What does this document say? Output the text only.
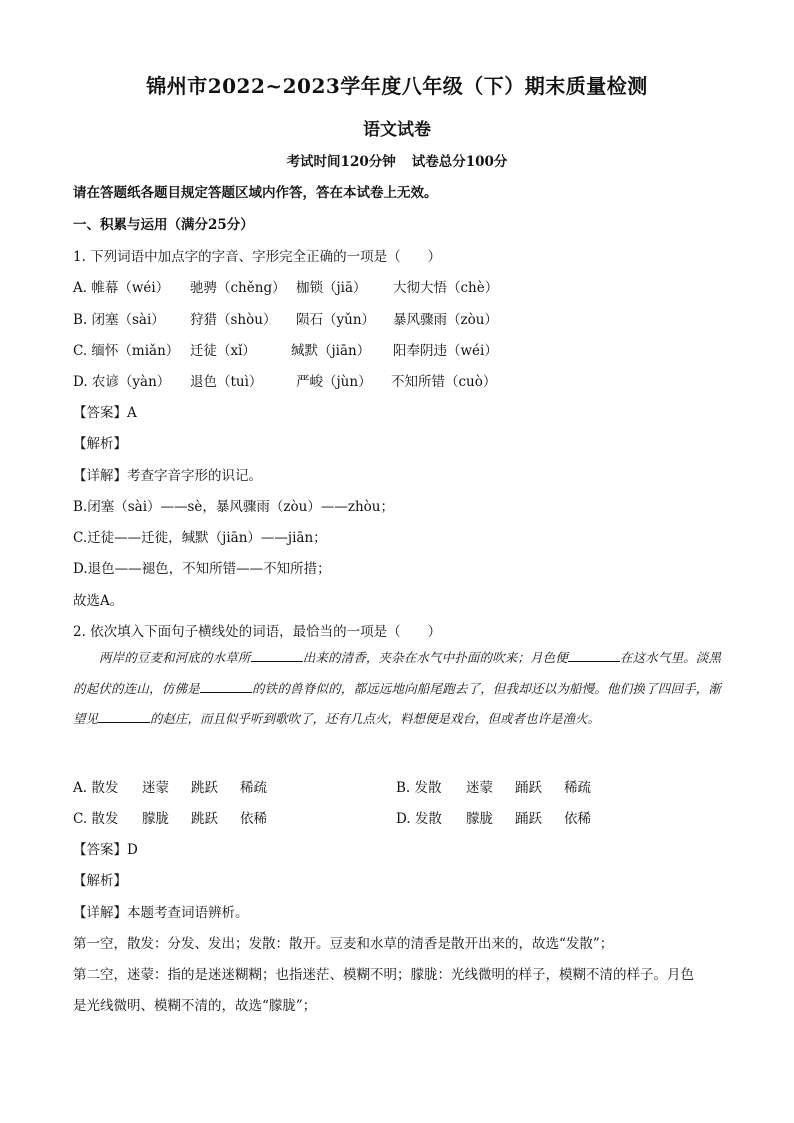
锦州市2022~2023学年度八年级（下）期末质量检测
语文试卷
考试时间120分钟 试卷总分100分
请在答题纸各题目规定答题区域内作答，答在本试卷上无效。
一、积累与运用（满分25分）
1. 下列词语中加点字的字音、字形完全正确的一项是（　　）
A. 帷幕（wéi） 驰骋（chěng） 枷锁（jiā） 大彻大悟（chè）
B. 闭塞（sài） 狩猎（shòu） 陨石（yǔn） 暴风骤雨（zòu）
C. 缅怀（miǎn） 迁徒（xǐ）	缄默（jiān） 阳奉阴违（wéi）
D. 农谚（yàn） 退色（tuì） 严峻（jùn） 不知所错（cuò）
【答案】A
【解析】
【详解】考查字音字形的识记。
B.闭塞（sài）——sè，暴风骤雨（zòu）——zhòu；
C.迁徒——迁徙，缄默（jiān）——jiān；
D.退色——褪色，不知所错——不知所措；
故选A。
2. 依次填入下面句子横线处的词语，最恰当的一项是（　　）
两岸的豆麦和河底的水草所	出来的清香，夹杂在水气中扑面的吹来；月色便	在这水气里。淡黑的起伏的连山，仿佛是	的铁的兽脊似的，都远远地向船尾跑去了，但我却还以为船慢。他们换了四回手，渐望见	的赵庄，而且似乎听到歌吹了，还有几点火，料想便是戏台，但或者也许是渔火。
A. 散发 迷蒙 跳跃 稀疏	B. 发散 迷蒙 踊跃 稀疏
C. 散发 朦胧 跳跃 依稀	D. 发散 朦胧 踊跃 依稀
【答案】D
【解析】
【详解】本题考查词语辨析。
第一空，散发：分发、发出；发散：散开。豆麦和水草的清香是散开出来的，故选“发散”；
第二空，迷蒙：指的是迷迷糊糊；也指迷茫、模糊不明；朦胧：光线微明的样子，模糊不清的样子。月色
是光线微明、模糊不清的，故选“朦胧”；
